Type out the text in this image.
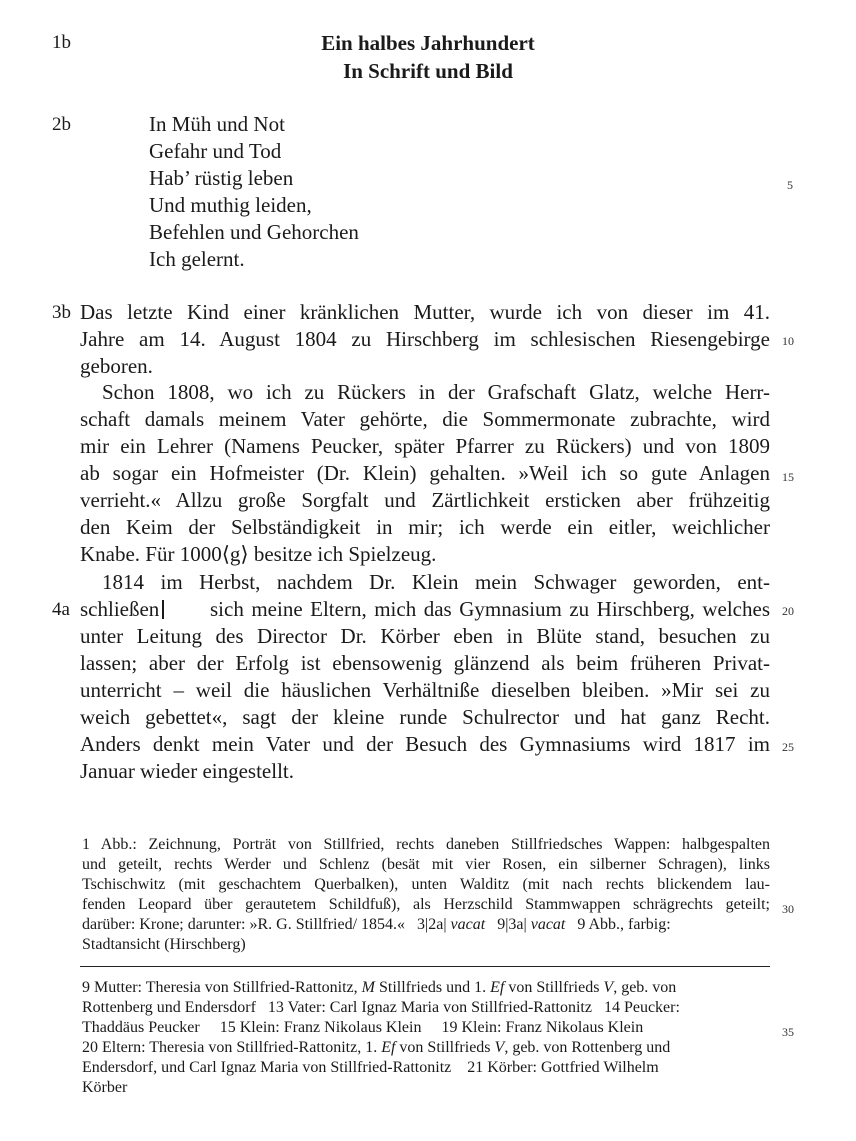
1b	Ein halbes Jahrhundert
In Schrift und Bild
2b	In Müh und Not
Gefahr und Tod
Hab’ rüstig leben
Und muthig leiden,
Befehlen und Gehorchen
Ich gelernt.
3b Das letzte Kind einer kränklichen Mutter, wurde ich von dieser im 41.
Jahre am 14. August 1804 zu Hirschberg im schlesischen Riesengebirge
geboren.
Schon 1808, wo ich zu Rückers in der Grafschaft Glatz, welche Herr-
schaft damals meinem Vater gehörte, die Sommermonate zubrachte, wird
mir ein Lehrer (Namens Peucker, später Pfarrer zu Rückers) und von 1809
ab sogar ein Hofmeister (Dr. Klein) gehalten. »Weil ich so gute Anlagen
verrieht.« Allzu große Sorgfalt und Zärtlichkeit ersticken aber frühzeitig
den Keim der Selbständigkeit in mir; ich werde ein eitler, weichlicher
Knabe. Für 1000⟨g⟩ besitze ich Spielzeug.
1814 im Herbst, nachdem Dr. Klein mein Schwager geworden, ent-
4a schließen	sich meine Eltern, mich das Gymnasium zu Hirschberg, welches
unter Leitung des Director Dr. Körber eben in Blüte stand, besuchen zu
lassen; aber der Erfolg ist ebensowenig glänzend als beim früheren Privat-
unterricht – weil die häuslichen Verhältniße dieselben bleiben. »Mir sei zu
weich gebettet«, sagt der kleine runde Schulrector und hat ganz Recht.
Anders denkt mein Vater und der Besuch des Gymnasiums wird 1817 im
Januar wieder eingestellt.
5
10
15
20
25
30
35
1 Abb.: Zeichnung, Porträt von Stillfried, rechts daneben Stillfriedsches Wappen: halbgespalten
und geteilt, rechts Werder und Schlenz (besät mit vier Rosen, ein silberner Schragen), links
Tschischwitz (mit geschachtem Querbalken), unten Walditz (mit nach rechts blickendem lau-
fenden Leopard über gerautetem Schildfuß), als Herzschild Stammwappen schrägrechts geteilt;
darüber: Krone; darunter: »R. G. Stillfried/ 1854.«   3|2a| vacat   9|3a| vacat   9 Abb., farbig:
Stadtansicht (Hirschberg)
9 Mutter: Theresia von Stillfried-Rattonitz, M Stillfrieds und 1. Ef von Stillfrieds V, geb. von
Rottenberg und Endersdorf   13 Vater: Carl Ignaz Maria von Stillfried-Rattonitz   14 Peucker:
Thaddäus Peucker     15 Klein: Franz Nikolaus Klein     19 Klein: Franz Nikolaus Klein
20 Eltern: Theresia von Stillfried-Rattonitz, 1. Ef von Stillfrieds V, geb. von Rottenberg und
Endersdorf, und Carl Ignaz Maria von Stillfried-Rattonitz    21 Körber: Gottfried Wilhelm
Körber
